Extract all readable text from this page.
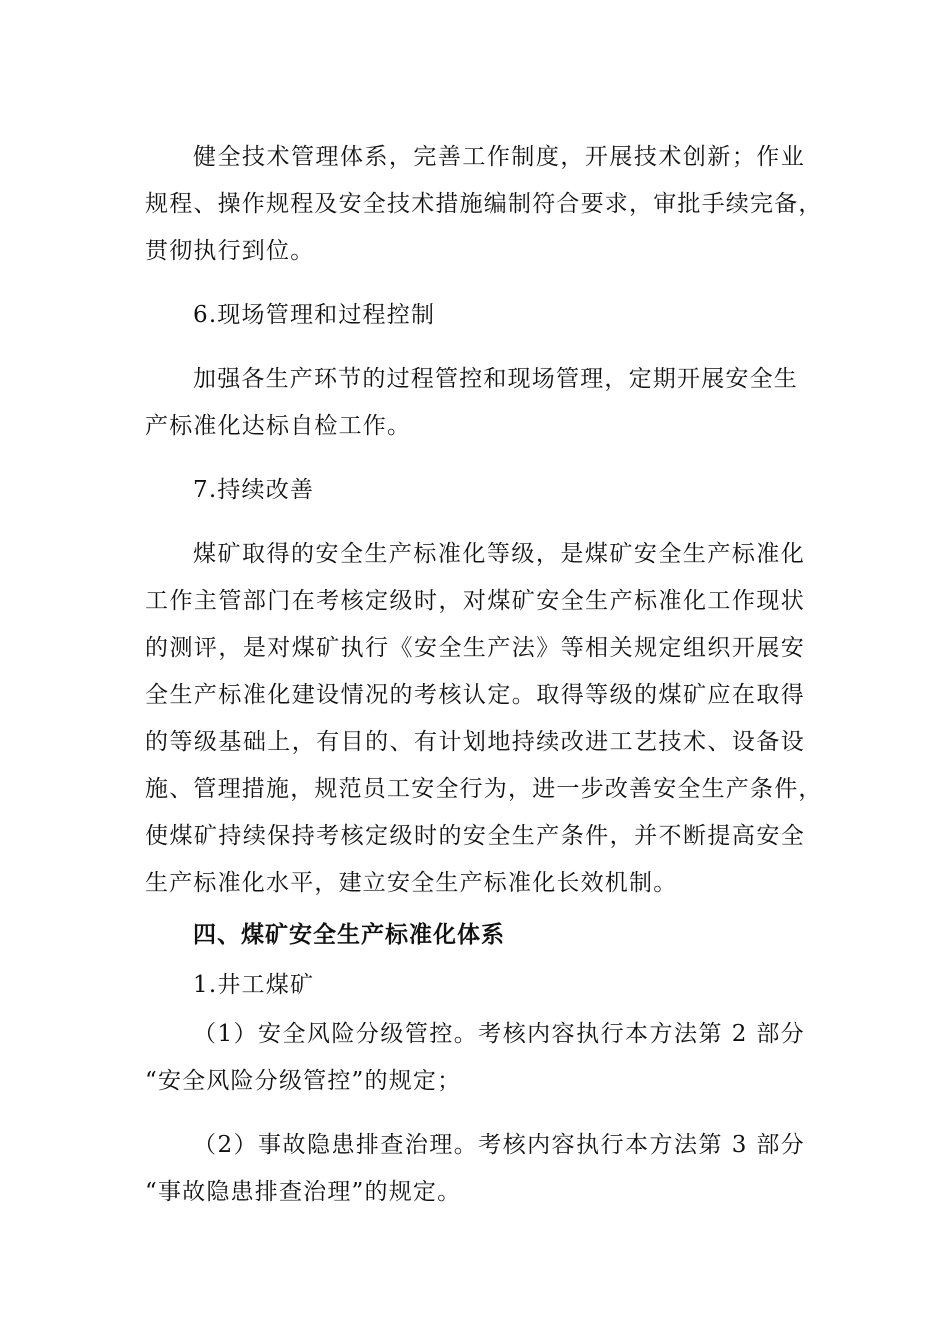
健全技术管理体系，完善工作制度，开展技术创新；作业
规程、操作规程及安全技术措施编制符合要求，审批手续完备，
贯彻执行到位。
6.现场管理和过程控制
加强各生产环节的过程管控和现场管理，定期开展安全生
产标准化达标自检工作。
7.持续改善
煤矿取得的安全生产标准化等级，是煤矿安全生产标准化
工作主管部门在考核定级时，对煤矿安全生产标准化工作现状
的测评，是对煤矿执行《安全生产法》等相关规定组织开展安
全生产标准化建设情况的考核认定。取得等级的煤矿应在取得
的等级基础上，有目的、有计划地持续改进工艺技术、设备设
施、管理措施，规范员工安全行为，进一步改善安全生产条件，
使煤矿持续保持考核定级时的安全生产条件，并不断提高安全
生产标准化水平，建立安全生产标准化长效机制。
四、煤矿安全生产标准化体系
1.井工煤矿
（1）安全风险分级管控。考核内容执行本方法第 2 部分
“安全风险分级管控”的规定；
（2）事故隐患排查治理。考核内容执行本方法第 3 部分
“事故隐患排查治理”的规定。
